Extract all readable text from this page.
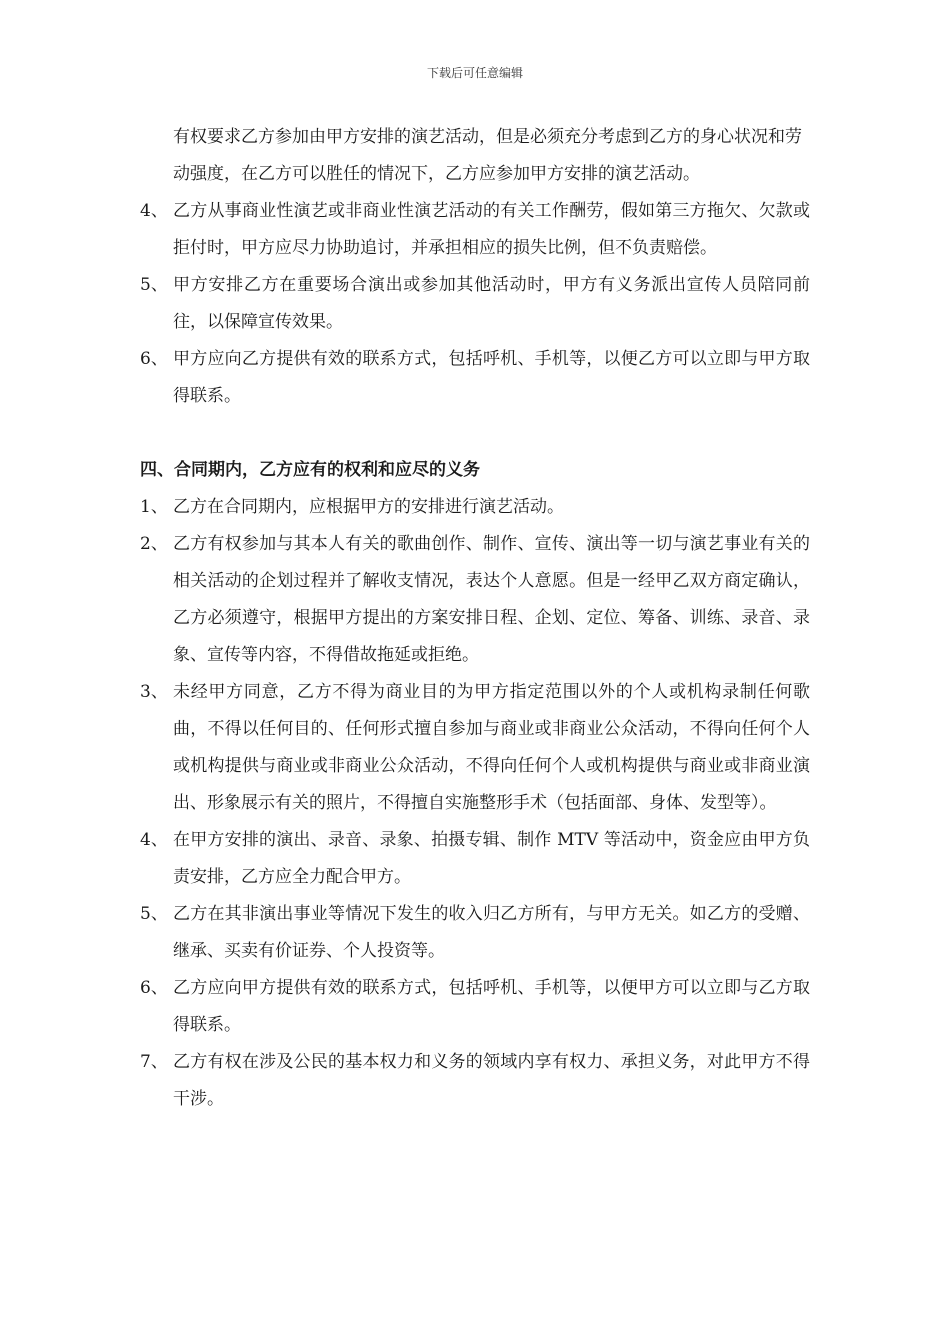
下载后可任意编辑

有权要求乙方参加由甲方安排的演艺活动，但是必须充分考虑到乙方的身心状况和劳动强度，在乙方可以胜任的情况下，乙方应参加甲方安排的演艺活动。

4、 乙方从事商业性演艺或非商业性演艺活动的有关工作酬劳，假如第三方拖欠、欠款或拒付时，甲方应尽力协助追讨，并承担相应的损失比例，但不负责赔偿。
5、 甲方安排乙方在重要场合演出或参加其他活动时，甲方有义务派出宣传人员陪同前往，以保障宣传效果。
6、 甲方应向乙方提供有效的联系方式，包括呼机、手机等，以便乙方可以立即与甲方取得联系。

四、合同期内，乙方应有的权利和应尽的义务

1、 乙方在合同期内，应根据甲方的安排进行演艺活动。
2、 乙方有权参加与其本人有关的歌曲创作、制作、宣传、演出等一切与演艺事业有关的相关活动的企划过程并了解收支情况，表达个人意愿。但是一经甲乙双方商定确认，乙方必须遵守，根据甲方提出的方案安排日程、企划、定位、筹备、训练、录音、录象、宣传等内容，不得借故拖延或拒绝。
3、 未经甲方同意，乙方不得为商业目的为甲方指定范围以外的个人或机构录制任何歌曲，不得以任何目的、任何形式擅自参加与商业或非商业公众活动，不得向任何个人或机构提供与商业或非商业公众活动，不得向任何个人或机构提供与商业或非商业演出、形象展示有关的照片，不得擅自实施整形手术（包括面部、身体、发型等）。
4、 在甲方安排的演出、录音、录象、拍摄专辑、制作 MTV 等活动中，资金应由甲方负责安排，乙方应全力配合甲方。
5、 乙方在其非演出事业等情况下发生的收入归乙方所有，与甲方无关。如乙方的受赠、继承、买卖有价证券、个人投资等。
6、 乙方应向甲方提供有效的联系方式，包括呼机、手机等，以便甲方可以立即与乙方取得联系。
7、 乙方有权在涉及公民的基本权力和义务的领域内享有权力、承担义务，对此甲方不得干涉。
